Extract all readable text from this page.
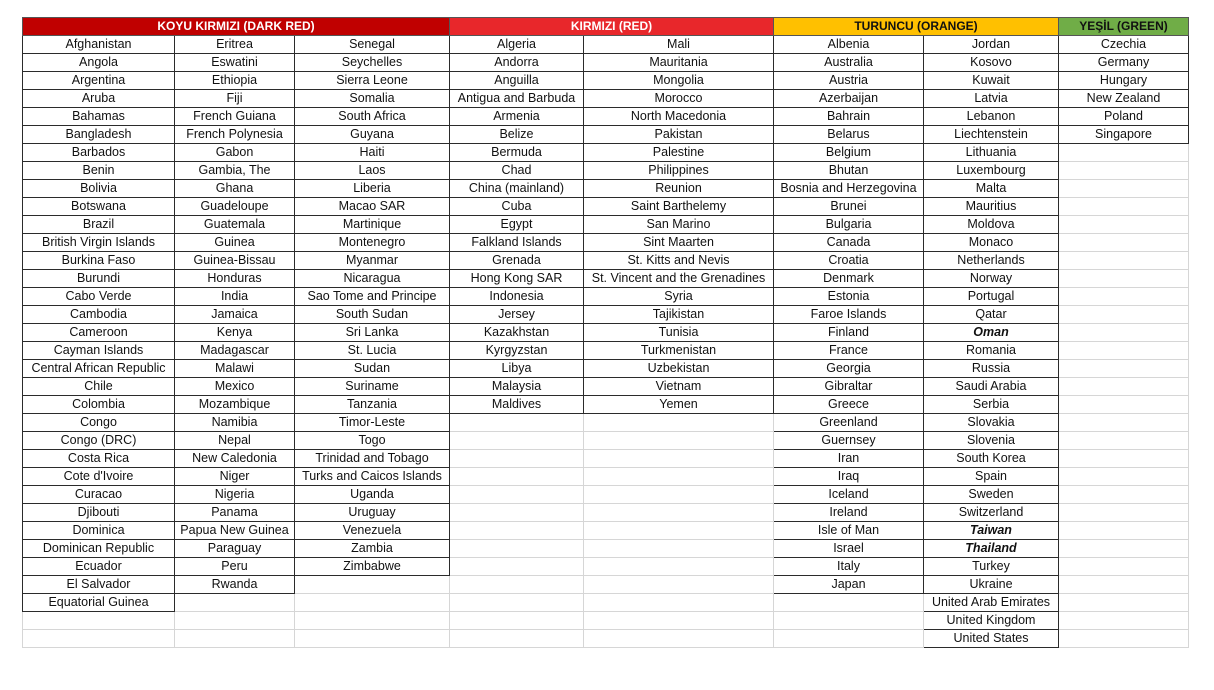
KOYU KIRMIZI (DARK RED)			KIRMIZI (RED)		TURUNCU (ORANGE)		YEŞİL (GREEN)
Afghanistan	Eritrea	Senegal	Algeria	Mali	Albenia	Jordan	Czechia
Angola	Eswatini	Seychelles	Andorra	Mauritania	Australia	Kosovo	Germany
Argentina	Ethiopia	Sierra Leone	Anguilla	Mongolia	Austria	Kuwait	Hungary
Aruba	Fiji	Somalia	Antigua and Barbuda	Morocco	Azerbaijan	Latvia	New Zealand
Bahamas	French Guiana	South Africa	Armenia	North Macedonia	Bahrain	Lebanon	Poland
Bangladesh	French Polynesia	Guyana	Belize	Pakistan	Belarus	Liechtenstein	Singapore
Barbados	Gabon	Haiti	Bermuda	Palestine	Belgium	Lithuania	
Benin	Gambia, The	Laos	Chad	Philippines	Bhutan	Luxembourg	
Bolivia	Ghana	Liberia	China (mainland)	Reunion	Bosnia and Herzegovina	Malta	
Botswana	Guadeloupe	Macao SAR	Cuba	Saint Barthelemy	Brunei	Mauritius	
Brazil	Guatemala	Martinique	Egypt	San Marino	Bulgaria	Moldova	
British Virgin Islands	Guinea	Montenegro	Falkland Islands	Sint Maarten	Canada	Monaco	
Burkina Faso	Guinea-Bissau	Myanmar	Grenada	St. Kitts and Nevis	Croatia	Netherlands	
Burundi	Honduras	Nicaragua	Hong Kong SAR	St. Vincent and the Grenadines	Denmark	Norway	
Cabo Verde	India	Sao Tome and Principe	Indonesia	Syria	Estonia	Portugal	
Cambodia	Jamaica	South Sudan	Jersey	Tajikistan	Faroe Islands	Qatar	
Cameroon	Kenya	Sri Lanka	Kazakhstan	Tunisia	Finland	Oman	
Cayman Islands	Madagascar	St. Lucia	Kyrgyzstan	Turkmenistan	France	Romania	
Central African Republic	Malawi	Sudan	Libya	Uzbekistan	Georgia	Russia	
Chile	Mexico	Suriname	Malaysia	Vietnam	Gibraltar	Saudi Arabia	
Colombia	Mozambique	Tanzania	Maldives	Yemen	Greece	Serbia	
Congo	Namibia	Timor-Leste			Greenland	Slovakia	
Congo (DRC)	Nepal	Togo			Guernsey	Slovenia	
Costa Rica	New Caledonia	Trinidad and Tobago			Iran	South Korea	
Cote d'Ivoire	Niger	Turks and Caicos Islands			Iraq	Spain	
Curacao	Nigeria	Uganda			Iceland	Sweden	
Djibouti	Panama	Uruguay			Ireland	Switzerland	
Dominica	Papua New Guinea	Venezuela			Isle of Man	Taiwan	
Dominican Republic	Paraguay	Zambia			Israel	Thailand	
Ecuador	Peru	Zimbabwe			Italy	Turkey	
El Salvador	Rwanda				Japan	Ukraine	
Equatorial Guinea						United Arab Emirates	
						United Kingdom	
						United States	
